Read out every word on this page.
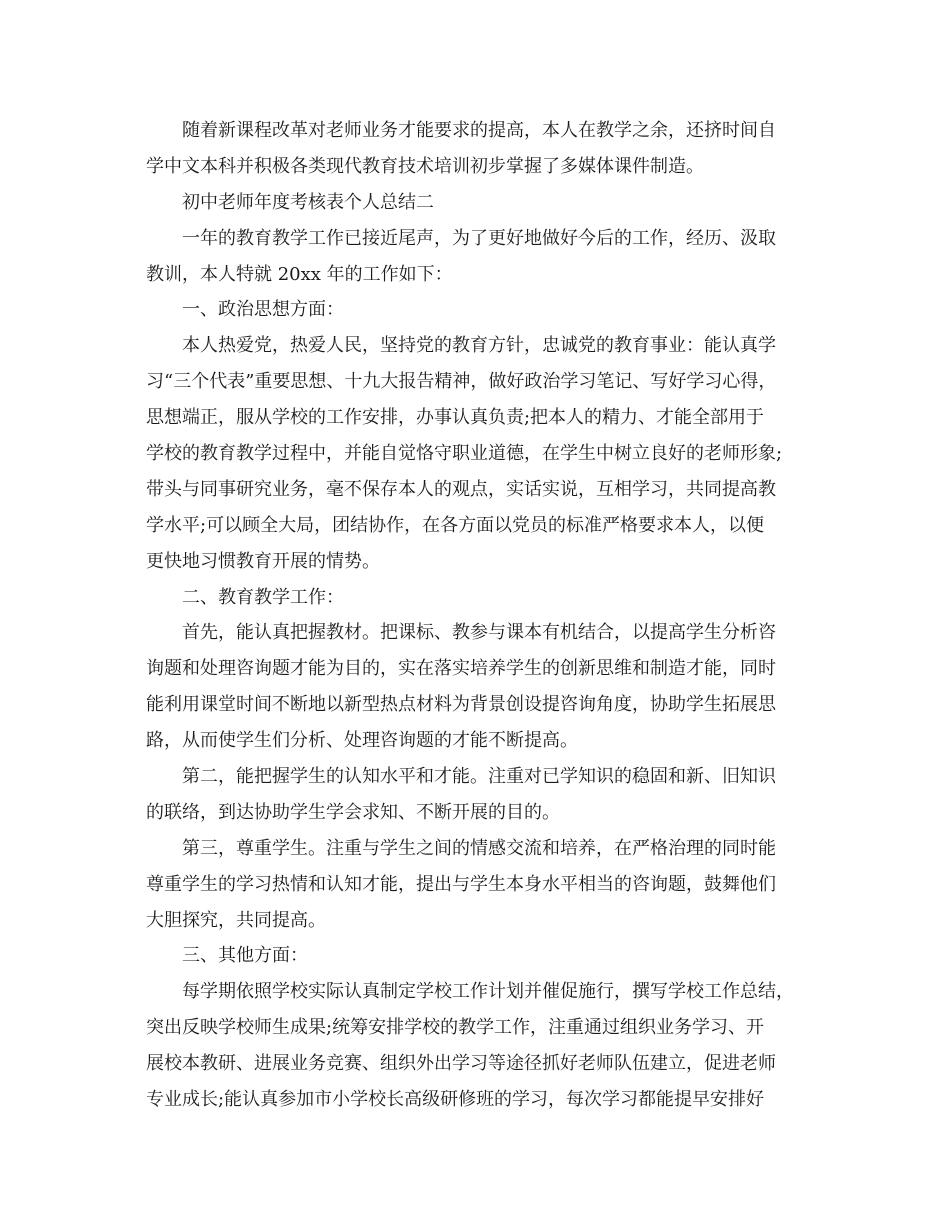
随着新课程改革对老师业务才能要求的提高，本人在教学之余，还挤时间自
学中文本科并积极各类现代教育技术培训初步掌握了多媒体课件制造。
初中老师年度考核表个人总结二
一年的教育教学工作已接近尾声，为了更好地做好今后的工作，经历、汲取
教训，本人特就 20xx 年的工作如下：
一、政治思想方面：
本人热爱党，热爱人民，坚持党的教育方针，忠诚党的教育事业：能认真学
习“三个代表”重要思想、十九大报告精神，做好政治学习笔记、写好学习心得，
思想端正，服从学校的工作安排，办事认真负责;把本人的精力、才能全部用于
学校的教育教学过程中，并能自觉恪守职业道德，在学生中树立良好的老师形象;
带头与同事研究业务，毫不保存本人的观点，实话实说，互相学习，共同提高教
学水平;可以顾全大局，团结协作，在各方面以党员的标准严格要求本人，以便
更快地习惯教育开展的情势。
二、教育教学工作：
首先，能认真把握教材。把课标、教参与课本有机结合，以提高学生分析咨
询题和处理咨询题才能为目的，实在落实培养学生的创新思维和制造才能，同时
能利用课堂时间不断地以新型热点材料为背景创设提咨询角度，协助学生拓展思
路，从而使学生们分析、处理咨询题的才能不断提高。
第二，能把握学生的认知水平和才能。注重对已学知识的稳固和新、旧知识
的联络，到达协助学生学会求知、不断开展的目的。
第三，尊重学生。注重与学生之间的情感交流和培养，在严格治理的同时能
尊重学生的学习热情和认知才能，提出与学生本身水平相当的咨询题，鼓舞他们
大胆探究，共同提高。
三、其他方面：
每学期依照学校实际认真制定学校工作计划并催促施行，撰写学校工作总结，
突出反映学校师生成果;统筹安排学校的教学工作，注重通过组织业务学习、开
展校本教研、进展业务竞赛、组织外出学习等途径抓好老师队伍建立，促进老师
专业成长;能认真参加市小学校长高级研修班的学习，每次学习都能提早安排好
